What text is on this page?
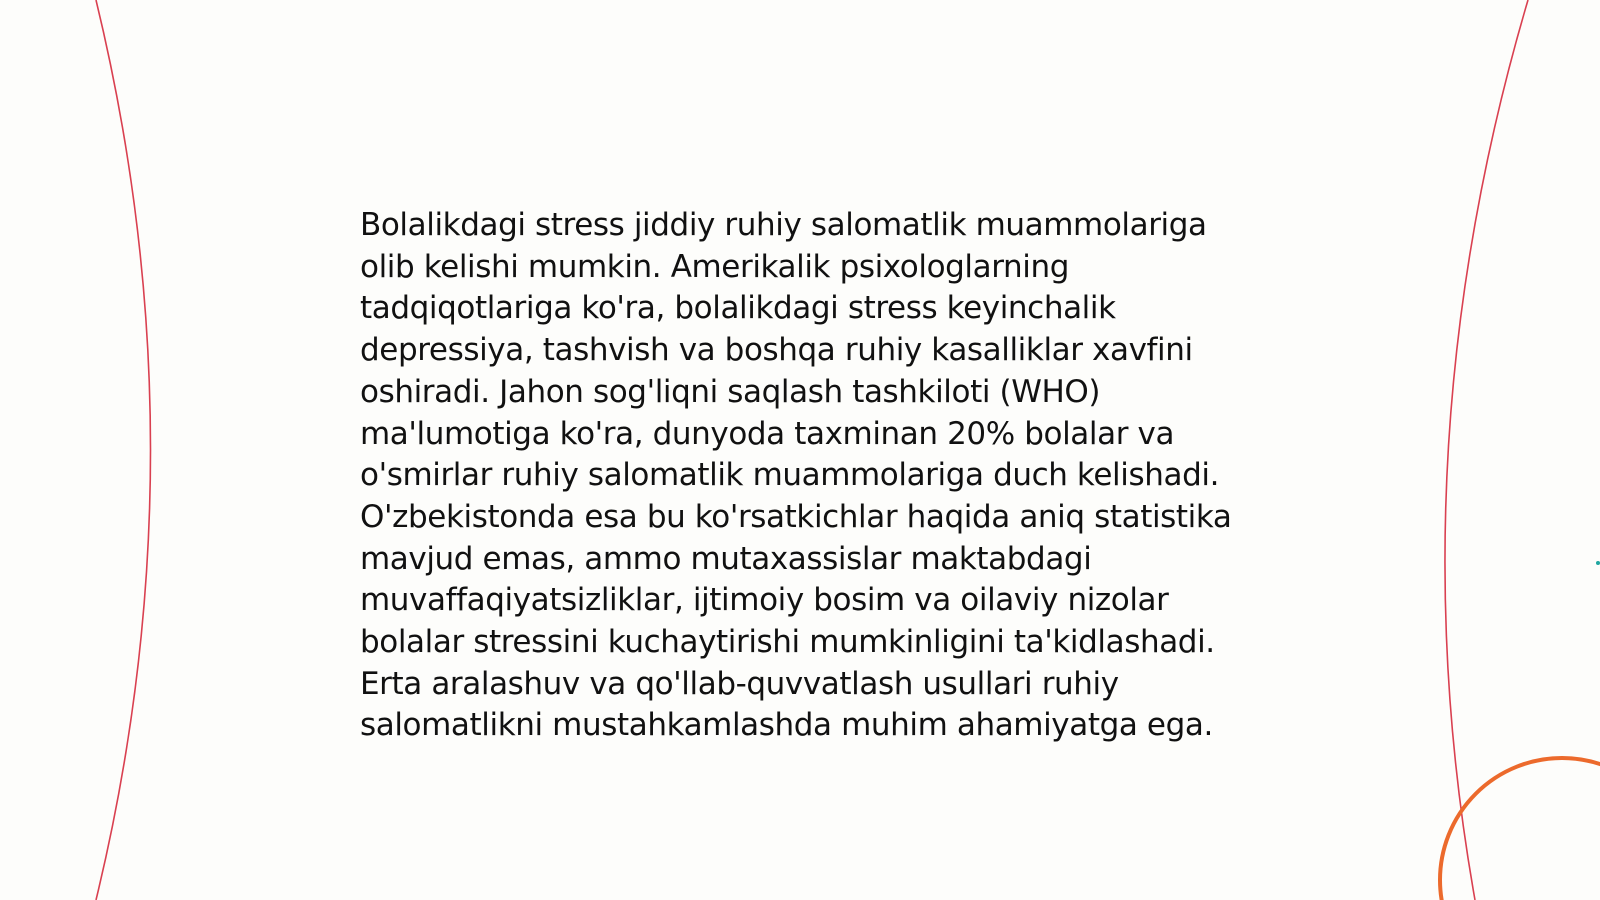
Bolalikdagi stress jiddiy ruhiy salomatlik muammolariga olib kelishi mumkin. Amerikalik psixologlarning tadqiqotlariga ko'ra, bolalikdagi stress keyinchalik depressiya, tashvish va boshqa ruhiy kasalliklar xavfini oshiradi. Jahon sog'liqni saqlash tashkiloti (WHO) ma'lumotiga ko'ra, dunyoda taxminan 20% bolalar va o'smirlar ruhiy salomatlik muammolariga duch kelishadi. O'zbekistonda esa bu ko'rsatkichlar haqida aniq statistika mavjud emas, ammo mutaxassislar maktabdagi muvaffaqiyatsizliklar, ijtimoiy bosim va oilaviy nizolar bolalar stressini kuchaytirishi mumkinligini ta'kidlashadi. Erta aralashuv va qo'llab-quvvatlash usullari ruhiy salomatlikni mustahkamlashda muhim ahamiyatga ega.
